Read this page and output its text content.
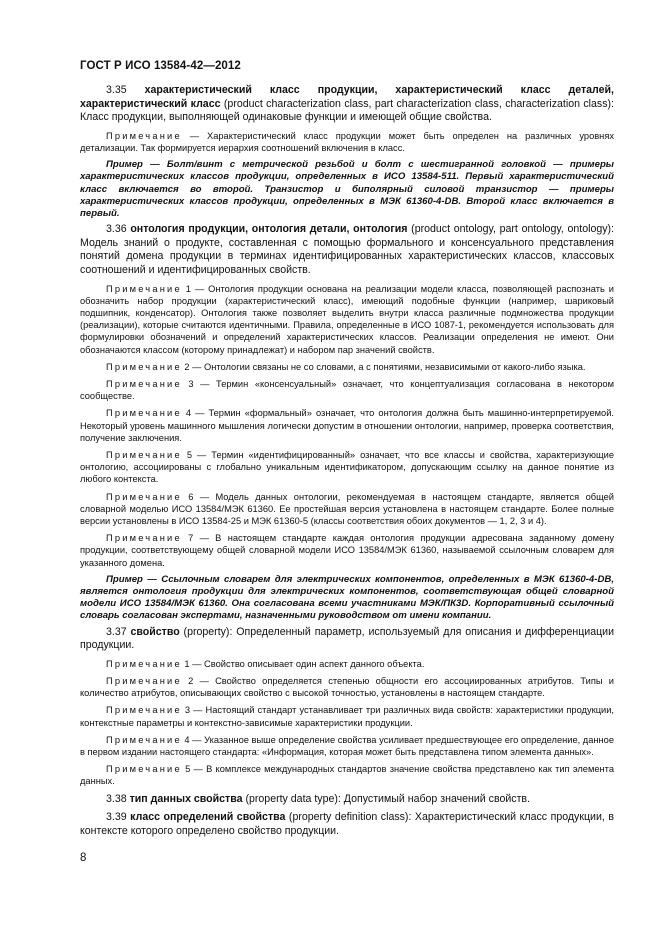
ГОСТ Р ИСО 13584-42—2012

3.35 характеристический класс продукции, характеристический класс деталей, характеристический класс (product characterization class, part characterization class, characterization class): Класс продукции, выполняющей одинаковые функции и имеющей общие свойства.

Примечание — Характеристический класс продукции может быть определен на различных уровнях детализации. Так формируется иерархия соотношений включения в класс.

Пример — Болт/винт с метрической резьбой и болт с шестигранной головкой — примеры характеристических классов продукции, определенных в ИСО 13584-511. Первый характеристический класс включается во второй. Транзистор и биполярный силовой транзистор — примеры характеристических классов продукции, определенных в МЭК 61360-4-DB. Второй класс включается в первый.

3.36 онтология продукции, онтология детали, онтология (product ontology, part ontology, ontology): Модель знаний о продукте, составленная с помощью формального и консенсуального представления понятий домена продукции в терминах идентифицированных характеристических классов, классовых соотношений и идентифицированных свойств.

Примечание 1 — Онтология продукции основана на реализации модели класса, позволяющей распознать и обозначить набор продукции (характеристический класс), имеющий подобные функции (например, шариковый подшипник, конденсатор). Онтология также позволяет выделить внутри класса различные подмножества продукции (реализации), которые считаются идентичными. Правила, определенные в ИСО 1087-1, рекомендуется использовать для формулировки обозначений и определений характеристических классов. Реализации определения не имеют. Они обозначаются классом (которому принадлежат) и набором пар значений свойств.

Примечание 2 — Онтологии связаны не со словами, а с понятиями, независимыми от какого-либо языка.

Примечание 3 — Термин «консенсуальный» означает, что концептуализация согласована в некотором сообществе.

Примечание 4 — Термин «формальный» означает, что онтология должна быть машинно-интерпретируемой. Некоторый уровень машинного мышления логически допустим в отношении онтологии, например, проверка соответствия, получение заключения.

Примечание 5 — Термин «идентифицированный» означает, что все классы и свойства, характеризующие онтологию, ассоциированы с глобально уникальным идентификатором, допускающим ссылку на данное понятие из любого контекста.

Примечание 6 — Модель данных онтологии, рекомендуемая в настоящем стандарте, является общей словарной моделью ИСО 13584/МЭК 61360. Ее простейшая версия установлена в настоящем стандарте. Более полные версии установлены в ИСО 13584-25 и МЭК 61360-5 (классы соответствия обоих документов — 1, 2, 3 и 4).

Примечание 7 — В настоящем стандарте каждая онтология продукции адресована заданному домену продукции, соответствующему общей словарной модели ИСО 13584/МЭК 61360, называемой ссылочным словарем для указанного домена.

Пример — Ссылочным словарем для электрических компонентов, определенных в МЭК 61360-4-DB, является онтология продукции для электрических компонентов, соответствующая общей словарной модели ИСО 13584/МЭК 61360. Она согласована всеми участниками МЭК/ПК3D. Корпоративный ссылочный словарь согласован экспертами, назначенными руководством от имени компании.

3.37 свойство (property): Определенный параметр, используемый для описания и дифференциации продукции.

Примечание 1 — Свойство описывает один аспект данного объекта.

Примечание 2 — Свойство определяется степенью общности его ассоциированных атрибутов. Типы и количество атрибутов, описывающих свойство с высокой точностью, установлены в настоящем стандарте.

Примечание 3 — Настоящий стандарт устанавливает три различных вида свойств: характеристики продукции, контекстные параметры и контекстно-зависимые характеристики продукции.

Примечание 4 — Указанное выше определение свойства усиливает предшествующее его определение, данное в первом издании настоящего стандарта: «Информация, которая может быть представлена типом элемента данных».

Примечание 5 — В комплексе международных стандартов значение свойства представлено как тип элемента данных.

3.38 тип данных свойства (property data type): Допустимый набор значений свойств.

3.39 класс определений свойства (property definition class): Характеристический класс продукции, в контексте которого определено свойство продукции.

8
